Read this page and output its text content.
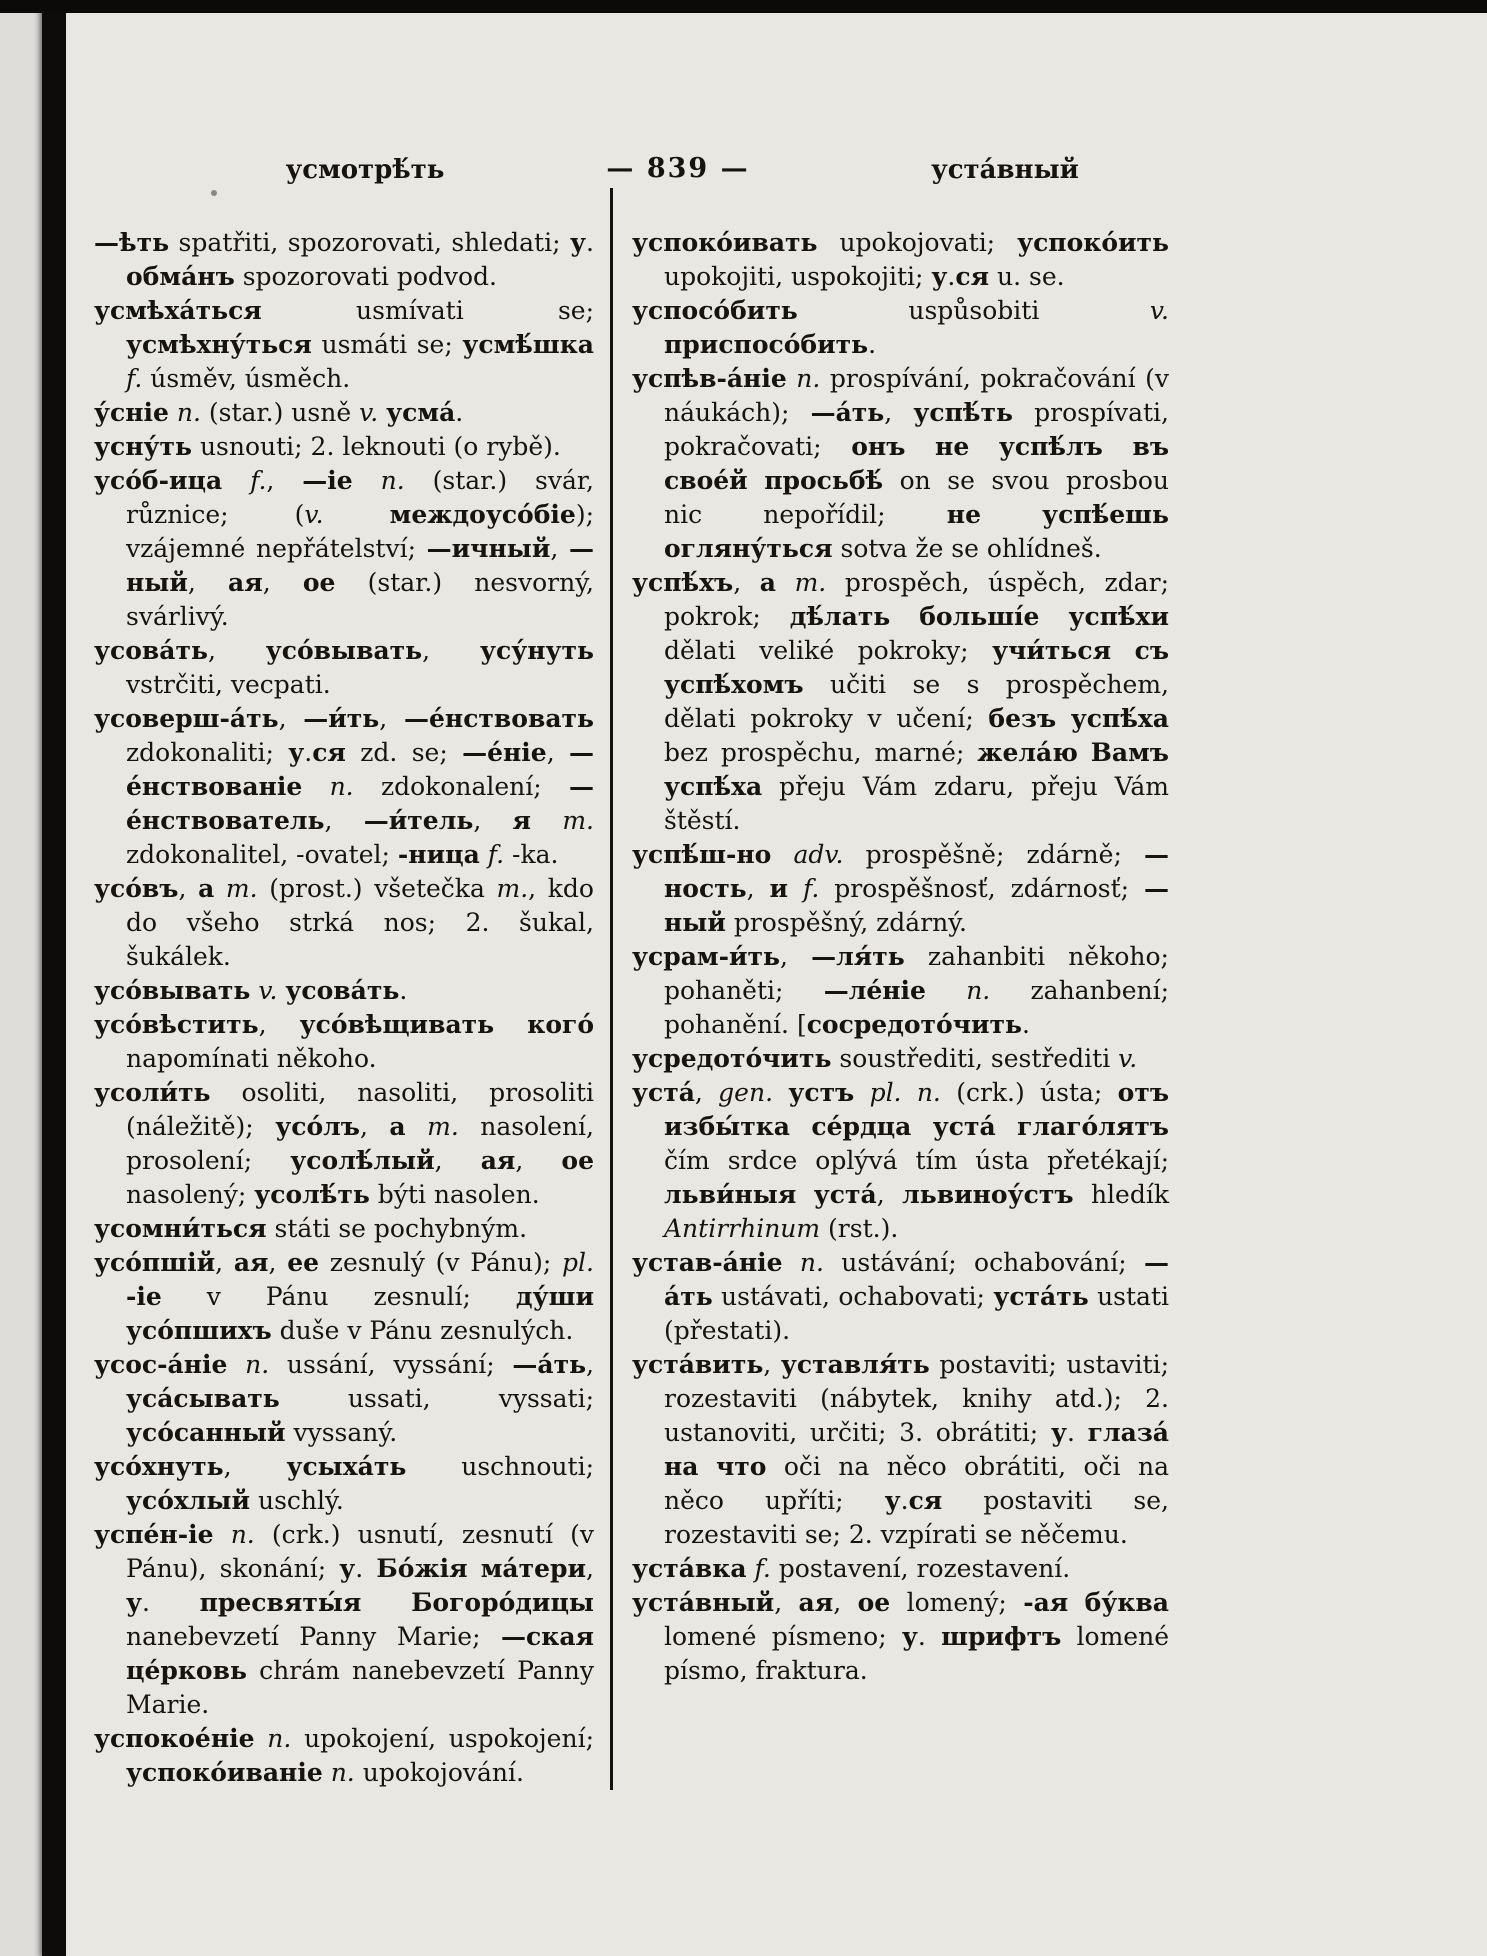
усмотрѣ́ть	— 839 —	уста́вный

—ѣть spatřiti, spozorovati, shledati; у. обма́нъ spozorovati podvod.

усмѣха́ться usmívati se; усмѣхну́ться usmáti se; усмѣ́шка f. úsměv, úsměch.

у́сніе n. (star.) usně v. усма́.

усну́ть usnouti; 2. leknouti (o rybě).

усо́б-ица f., —іе n. (star.) svár, různice; (v.	междоусо́біе); vzájemné nepřátelství; —ичный, —ный, ая, ое (star.) nesvorný, svárlivý.

усова́ть, усо́вывать, усу́нуть vstrčiti, vecpati.

усоверш-а́ть, —и́ть, —е́нствовать zdokonaliti; у.ся zd. se; —е́ніе, —е́нствованіе n. zdokonalení; —е́нствователь, —и́тель, я m. zdokonalitel, -ovatel; -ница f. -ka.

усо́въ, а m. (prost.) všetečka m., kdo do všeho strká nos; 2. šukal, šukálek.

усо́вывать v. усова́ть.

усо́вѣстить, усо́вѣщивать кого́ napomínati někoho.

усоли́ть osoliti, nasoliti, prosoliti (náležitě); усо́лъ, а m. nasolení, prosolení; усолѣ́лый, ая, ое nasolený; усолѣ́ть býti nasolen.

усомни́ться státi se pochybným.

усо́пшій, ая, ее zesnulý (v Pánu); pl. -іе v Pánu zesnulí; ду́ши усо́пшихъ duše v Pánu zesnulých.

усос-а́ніе n. ussání, vyssání; —а́ть, уса́сывать ussati, vyssati; усо́санный vyssaný.

усо́хнуть, усыха́ть uschnouti; усо́хлый uschlý.

успе́н-іе n. (crk.) usnutí, zesnutí (v Pánu), skonání; у. Бо́жія ма́тери, у. пресвяты́я Богоро́дицы nanebevzetí Panny Marie; —ская це́рковь chrám nanebevzetí Panny Marie.

успокое́ніе n. upokojení, uspokojení; успоко́иваніе n. upokojování.

успоко́ивать upokojovati; успоко́ить upokojiti, uspokojiti; у.ся u. se.

успосо́бить uspůsobiti v. приспосо́бить.

успѣв-а́ніе n. prospívání, pokračování (v náukách); —а́ть, успѣ́ть prospívati, pokračovati; онъ не успѣ́лъ въ свое́й просьбѣ́ on se svou prosbou nic nepořídil; не успѣ́ешь огляну́ться sotva že se ohlídneš.

успѣ́хъ, а m. prospěch, úspěch, zdar; pokrok; дѣ́лать больші́е успѣ́хи dělati veliké pokroky; учи́ться съ успѣ́хомъ učiti se s prospěchem, dělati pokroky v učení; безъ успѣ́ха bez prospěchu, marné; жела́ю Вамъ успѣ́ха přeju Vám zdaru, přeju Vám štěstí.

успѣ́ш-но adv. prospěšně; zdárně; —ность, и f. prospěšnosť, zdárnosť; —ный prospěšný, zdárný.

усрам-и́ть, —ля́ть zahanbiti někoho; pohaněti; —ле́ніе n. zahanbení; pohanění. [сосредото́чить.

усредото́чить soustřediti, sestřediti v.

уста́, gen. устъ pl. n. (crk.) ústa; отъ избы́тка се́рдца уста́ глаго́лятъ čím srdce oplývá tím ústa přetékají; льви́ныя уста́, львиноу́стъ hledík Antirrhinum (rst.).

устав-а́ніе n. ustávání; ochabování; —а́ть ustávati, ochabovati; уста́ть ustati (přestati).

уста́вить, уставля́ть postaviti; ustaviti; rozestaviti (nábytek, knihy atd.); 2. ustanoviti, určiti; 3. obrátiti; у. глаза́ на что oči na něco obrátiti, oči na něco upříti; у.ся postaviti se, rozestaviti se; 2. vzpírati se něčemu.

уста́вка f. postavení, rozestavení.

уста́вный, ая, ое lomený; -ая бу́ква lomené písmeno; у. шрифтъ lomené písmo, fraktura.
